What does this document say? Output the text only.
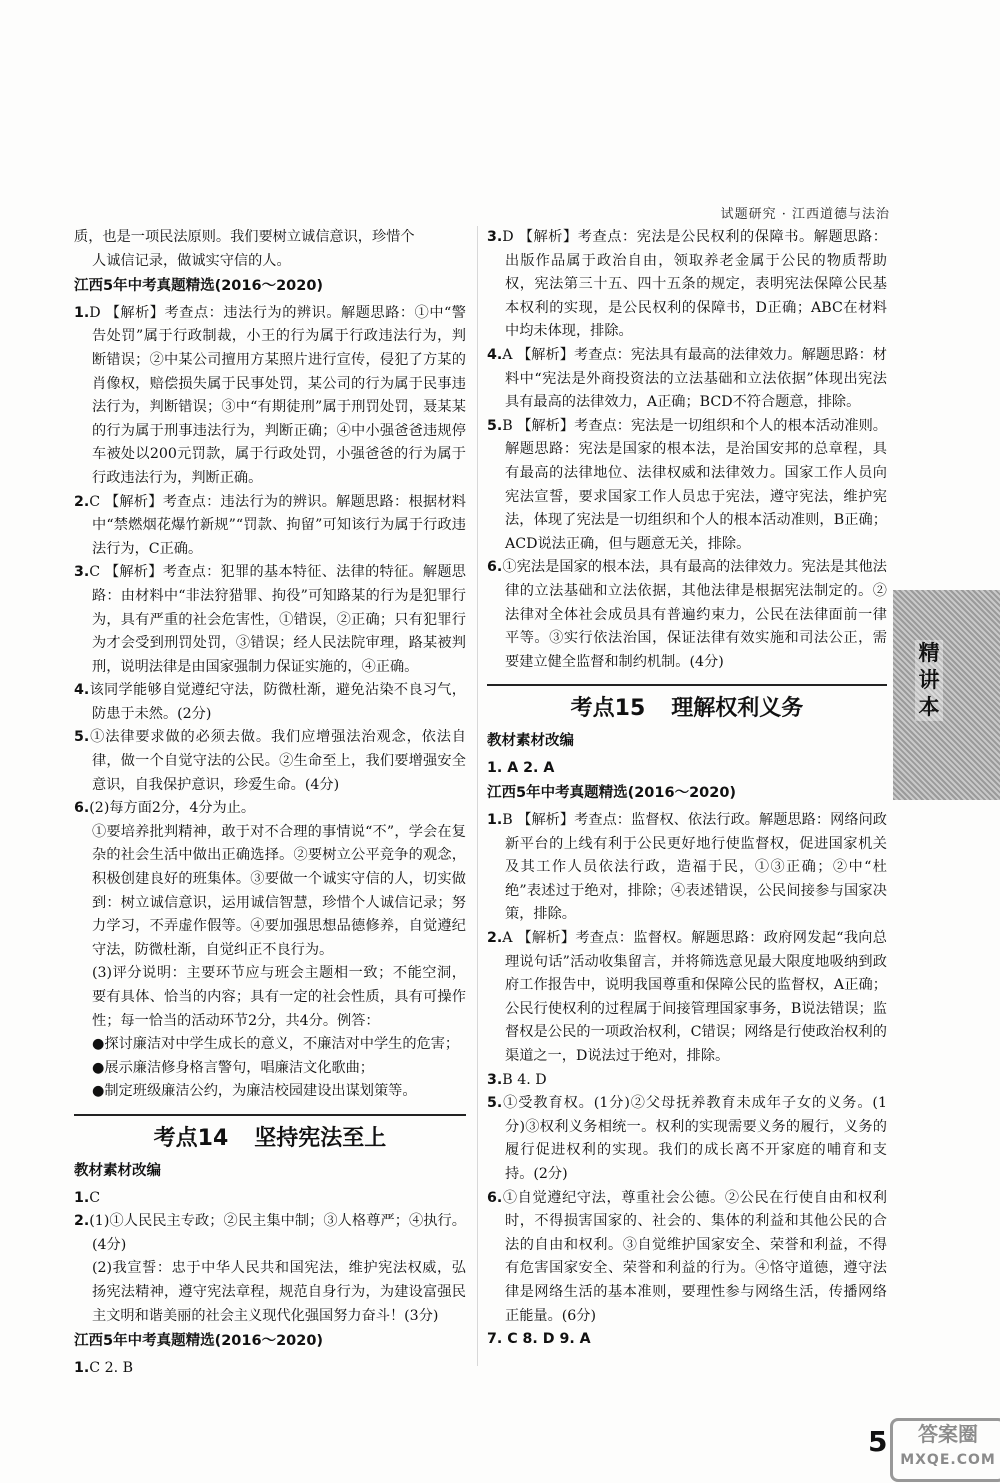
试题研究 · 江西道德与法治

质，也是一项民法原则。我们要树立诚信意识，珍惜个

人诚信记录，做诚实守信的人。

江西5年中考真题精选(2016～2020)

1.D 【解析】考查点：违法行为的辨识。解题思路：①中“警告处罚”属于行政制裁，小王的行为属于行政违法行为，判断错误；②中某公司擅用方某照片进行宣传，侵犯了方某的肖像权，赔偿损失属于民事处罚，某公司的行为属于民事违法行为，判断错误；③中“有期徒刑”属于刑罚处罚，聂某某的行为属于刑事违法行为，判断正确；④中小强爸爸违规停车被处以200元罚款，属于行政处罚，小强爸爸的行为属于行政违法行为，判断正确。

2.C 【解析】考查点：违法行为的辨识。解题思路：根据材料中“禁燃烟花爆竹新规”“罚款、拘留”可知该行为属于行政违法行为，C正确。

3.C 【解析】考查点：犯罪的基本特征、法律的特征。解题思路：由材料中“非法狩猎罪、拘役”可知路某的行为是犯罪行为，具有严重的社会危害性，①错误，②正确；只有犯罪行为才会受到刑罚处罚，③错误；经人民法院审理，路某被判刑，说明法律是由国家强制力保证实施的，④正确。

4.该同学能够自觉遵纪守法，防微杜渐，避免沾染不良习气，防患于未然。(2分)

5.①法律要求做的必须去做。我们应增强法治观念，依法自律，做一个自觉守法的公民。②生命至上，我们要增强安全意识，自我保护意识，珍爱生命。(4分)

6.(2)每方面2分，4分为止。

①要培养批判精神，敢于对不合理的事情说“不”，学会在复杂的社会生活中做出正确选择。②要树立公平竞争的观念，积极创建良好的班集体。③要做一个诚实守信的人，切实做到：树立诚信意识，运用诚信智慧，珍惜个人诚信记录；努力学习，不弄虚作假等。④要加强思想品德修养，自觉遵纪守法，防微杜渐，自觉纠正不良行为。

(3)评分说明：主要环节应与班会主题相一致；不能空洞，要有具体、恰当的内容；具有一定的社会性质，具有可操作性；每一恰当的活动环节2分，共4分。例答：

●探讨廉洁对中学生成长的意义，不廉洁对中学生的危害；

●展示廉洁修身格言警句，唱廉洁文化歌曲；

●制定班级廉洁公约，为廉洁校园建设出谋划策等。

考点14 坚持宪法至上
教材素材改编

1.C

2.(1)①人民民主专政；②民主集中制；③人格尊严；④执行。(4分)

(2)我宣誓：忠于中华人民共和国宪法，维护宪法权威，弘扬宪法精神，遵守宪法章程，规范自身行为，为建设富强民主文明和谐美丽的社会主义现代化强国努力奋斗！(3分)

江西5年中考真题精选(2016～2020)

1.C 2. B

3.D 【解析】考查点：宪法是公民权利的保障书。解题思路：出版作品属于政治自由，领取养老金属于公民的物质帮助权，宪法第三十五、四十五条的规定，表明宪法保障公民基本权利的实现，是公民权利的保障书，D正确；ABC在材料中均未体现，排除。

4.A 【解析】考查点：宪法具有最高的法律效力。解题思路：材料中“宪法是外商投资法的立法基础和立法依据”体现出宪法具有最高的法律效力，A正确；BCD不符合题意，排除。

5.B 【解析】考查点：宪法是一切组织和个人的根本活动准则。解题思路：宪法是国家的根本法，是治国安邦的总章程，具有最高的法律地位、法律权威和法律效力。国家工作人员向宪法宣誓，要求国家工作人员忠于宪法，遵守宪法，维护宪法，体现了宪法是一切组织和个人的根本活动准则，B正确；ACD说法正确，但与题意无关，排除。

6.①宪法是国家的根本法，具有最高的法律效力。宪法是其他法律的立法基础和立法依据，其他法律是根据宪法制定的。②法律对全体社会成员具有普遍约束力，公民在法律面前一律平等。③实行依法治国，保证法律有效实施和司法公正，需要建立健全监督和制约机制。(4分)

考点15 理解权利义务
教材素材改编

1. A 2. A

江西5年中考真题精选(2016～2020)

1.B 【解析】考查点：监督权、依法行政。解题思路：网络问政新平台的上线有利于公民更好地行使监督权，促进国家机关及其工作人员依法行政，造福于民，①③正确；②中“杜绝”表述过于绝对，排除；④表述错误，公民间接参与国家决策，排除。

2.A 【解析】考查点：监督权。解题思路：政府网发起“我向总理说句话”活动收集留言，并将筛选意见最大限度地吸纳到政府工作报告中，说明我国尊重和保障公民的监督权，A正确；公民行使权利的过程属于间接管理国家事务，B说法错误；监督权是公民的一项政治权利，C错误；网络是行使政治权利的渠道之一，D说法过于绝对，排除。

3.B 4. D

5.①受教育权。(1分)②父母抚养教育未成年子女的义务。(1分)③权利义务相统一。权利的实现需要义务的履行，义务的履行促进权利的实现。我们的成长离不开家庭的哺育和支持。(2分)

6.①自觉遵纪守法，尊重社会公德。②公民在行使自由和权利时，不得损害国家的、社会的、集体的利益和其他公民的合法的自由和权利。③自觉维护国家安全、荣誉和利益，不得有危害国家安全、荣誉和利益的行为。④恪守道德，遵守法律是网络生活的基本准则，要理性参与网络生活，传播网络正能量。(6分)

7. C 8. D 9. A

精讲本
5	答案圈
MXQE.COM
